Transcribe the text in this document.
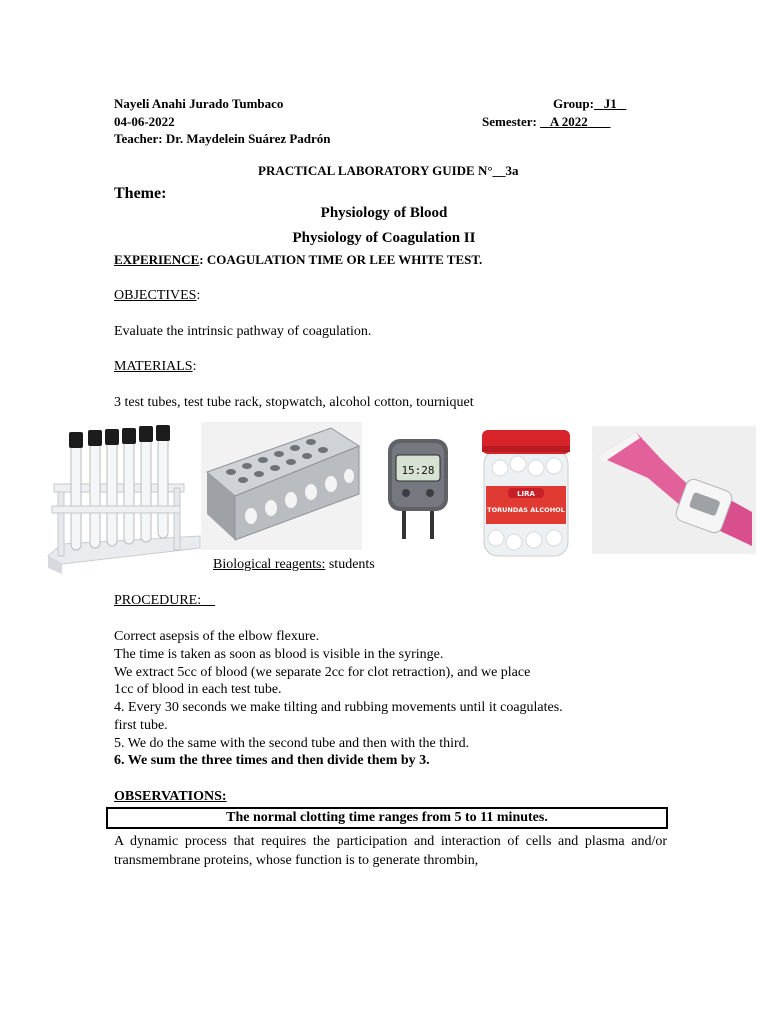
Nayeli Anahi Jurado Tumbaco
04-06-2022
Teacher: Dr. Maydelein Suárez Padrón
Group: J1
Semester: A 2022
PRACTICAL LABORATORY GUIDE N°__3a
Theme:
Physiology of Blood
Physiology of Coagulation II
EXPERIENCE: COAGULATION TIME OR LEE WHITE TEST.
OBJECTIVES:
Evaluate the intrinsic pathway of coagulation.
MATERIALS:
3 test tubes, test tube rack, stopwatch, alcohol cotton, tourniquet
15:28
LIRA
TORUNDAS ALCOHOL
Biological reagents: students
PROCEDURE:
Correct asepsis of the elbow flexure.
The time is taken as soon as blood is visible in the syringe.
We extract 5cc of blood (we separate 2cc for clot retraction), and we place
1cc of blood in each test tube.
4. Every 30 seconds we make tilting and rubbing movements until it coagulates.
first tube.
5. We do the same with the second tube and then with the third.
6. We sum the three times and then divide them by 3.
OBSERVATIONS:
The normal clotting time ranges from 5 to 11 minutes.
A dynamic process that requires the participation and interaction of cells and plasma and/or transmembrane proteins, whose function is to generate thrombin,
